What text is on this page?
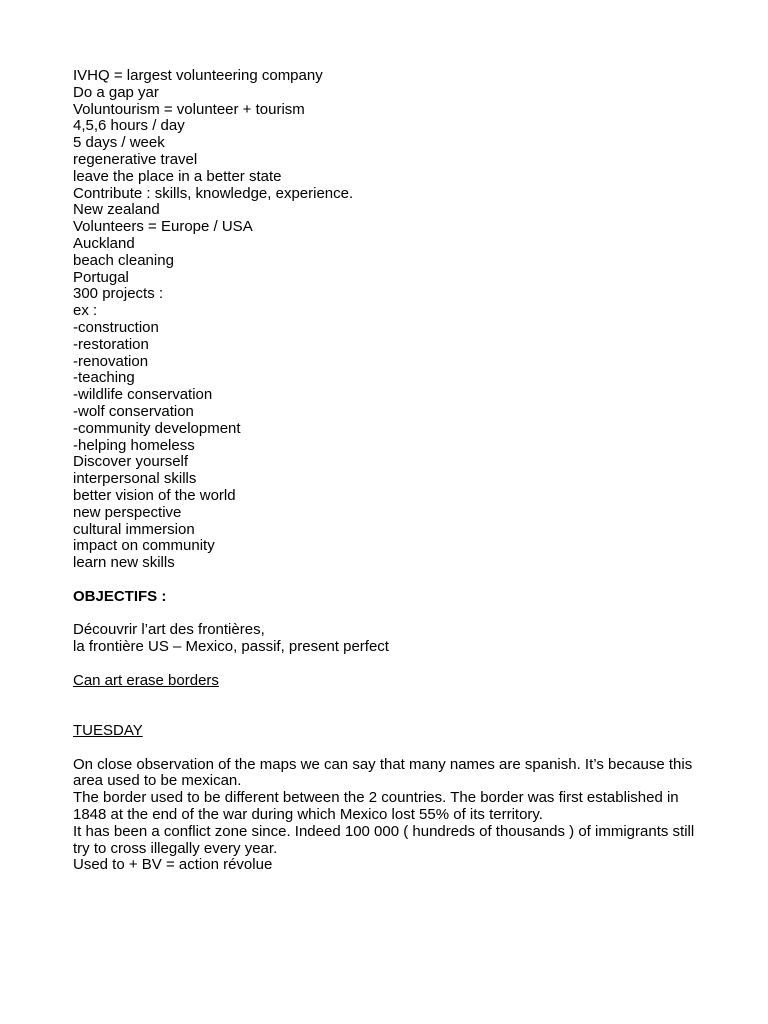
IVHQ = largest volunteering company
Do a gap yar
Voluntourism = volunteer + tourism
4,5,6 hours / day
5 days / week
regenerative travel
leave the place in a better state
Contribute : skills, knowledge, experience.
New zealand
Volunteers = Europe / USA
Auckland
beach cleaning
Portugal
300 projects :
ex :
-construction
-restoration
-renovation
-teaching
-wildlife conservation
-wolf conservation
-community development
-helping homeless
Discover yourself
interpersonal skills
better vision of the world
new perspective
cultural immersion
impact on community
learn new skills
OBJECTIFS :
Découvrir l’art des frontières,
la frontière US – Mexico, passif, present perfect
Can art erase borders
TUESDAY
On close observation of the maps we can say that many names are spanish. It’s because this area used to be mexican.
The border used to be different between the 2 countries. The border was first established in 1848 at the end of the war during which Mexico lost 55% of its territory.
It has been a conflict zone since. Indeed 100 000 ( hundreds of thousands ) of immigrants still try to cross illegally every year.
Used to + BV = action révolue
